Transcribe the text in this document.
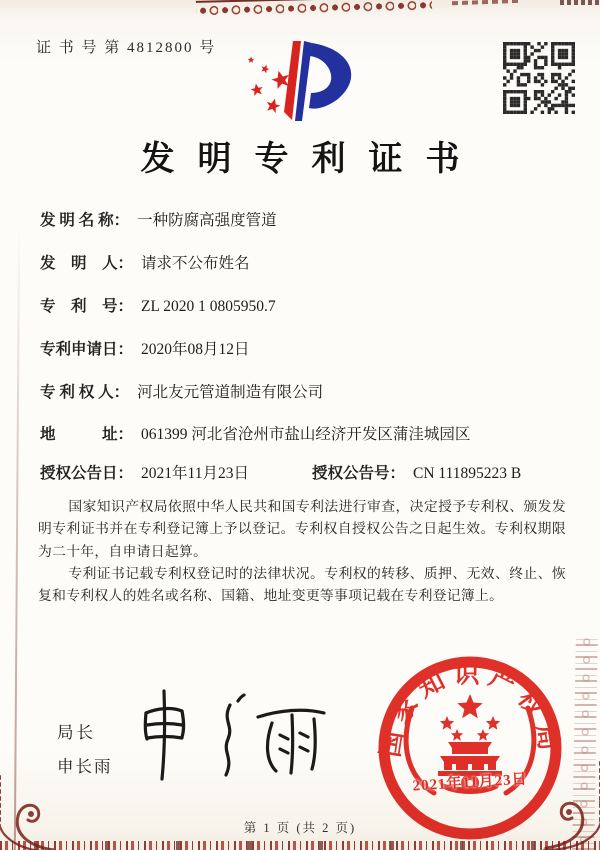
证 书 号 第 4812800 号
发明专利证书
发 明 名 称： 一种防腐高强度管道
发　明　人： 请求不公布姓名
专　利　号： ZL 2020 1 0805950.7
专利申请日： 2020年08月12日
专 利 权 人： 河北友元管道制造有限公司
地　　　址： 061399 河北省沧州市盐山经济开发区蒲洼城园区
授权公告日： 2021年11月23日	授权公告号： CN 111895223 B

国家知识产权局依照中华人民共和国专利法进行审查，决定授予专利权、颁发发明专利证书并在专利登记簿上予以登记。专利权自授权公告之日起生效。专利权期限为二十年，自申请日起算。

专利证书记载专利权登记时的法律状况。专利权的转移、质押、无效、终止、恢复和专利权人的姓名或名称、国籍、地址变更等事项记载在专利登记簿上。

局长
申长雨
国家知识产权局
2021年11月23日
第 1 页 (共 2 页)
